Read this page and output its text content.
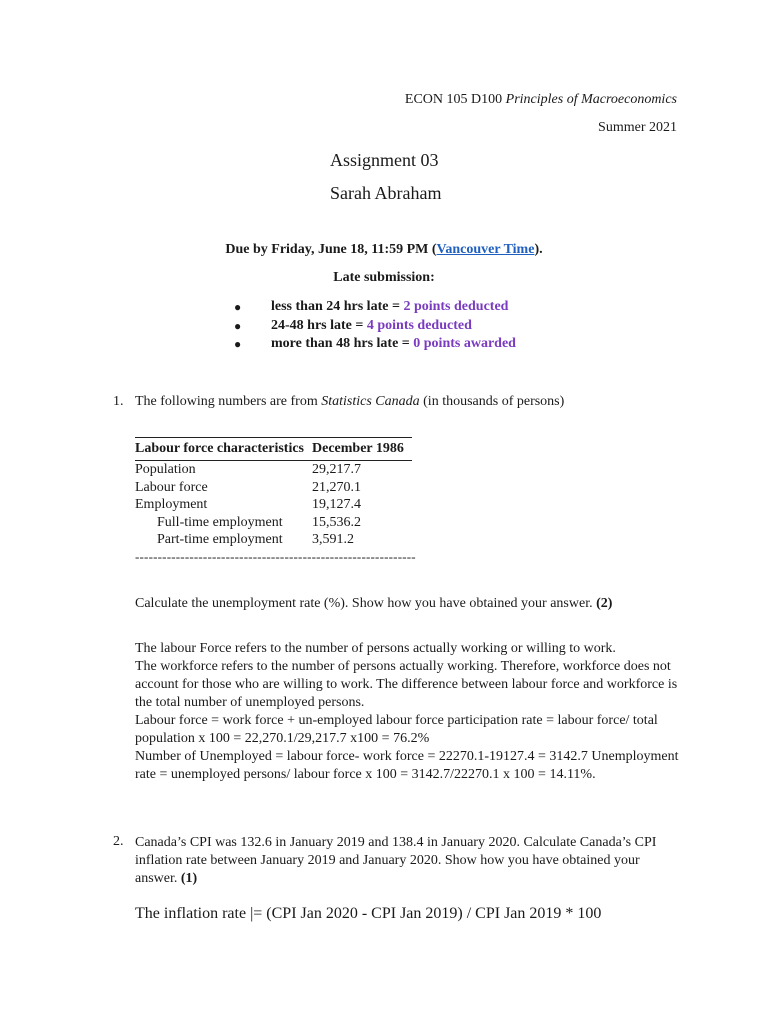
ECON 105 D100 Principles of Macroeconomics
Summer 2021
Assignment 03
Sarah Abraham
Due by Friday, June 18, 11:59 PM (Vancouver Time).
Late submission:
● less than 24 hrs late = 2 points deducted
● 24-48 hrs late = 4 points deducted
● more than 48 hrs late = 0 points awarded
1. The following numbers are from Statistics Canada (in thousands of persons)
Labour force characteristics	December 1986
Population	29,217.7
Labour force	21,270.1
Employment	19,127.4
Full-time employment	15,536.2
Part-time employment	3,591.2
--------------------------------------------------------------
Calculate the unemployment rate (%). Show how you have obtained your answer. (2)

The labour Force refers to the number of persons actually working or willing to work.

The workforce refers to the number of persons actually working. Therefore, workforce does not account for those who are willing to work. The difference between labour force and workforce is the total number of unemployed persons.

Labour force = work force + un-employed labour force participation rate = labour force/ total population x 100 = 22,270.1/29,217.7 x100 = 76.2%

Number of Unemployed = labour force- work force = 22270.1-19127.4 = 3142.7 Unemployment rate = unemployed persons/ labour force x 100 = 3142.7/22270.1 x 100 = 14.11%.

2. Canada’s CPI was 132.6 in January 2019 and 138.4 in January 2020. Calculate Canada’s CPI inflation rate between January 2019 and January 2020. Show how you have obtained your answer. (1)
The inflation rate |= (CPI Jan 2020 - CPI Jan 2019) / CPI Jan 2019 * 100
